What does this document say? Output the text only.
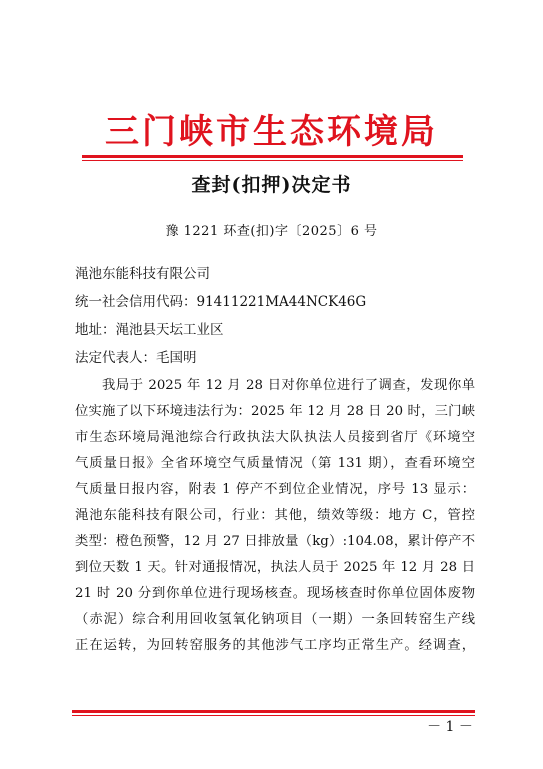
三门峡市生态环境局
查封(扣押)决定书
豫 1221 环查(扣)字〔2025〕6 号
渑池东能科技有限公司
统一社会信用代码：91411221MA44NCK46G
地址：渑池县天坛工业区
法定代表人：毛国明
我局于 2025 年 12 月 28 日对你单位进行了调查，发现你单
位实施了以下环境违法行为：2025 年 12 月 28 日 20 时，三门峡
市生态环境局渑池综合行政执法大队执法人员接到省厅《环境空
气质量日报》全省环境空气质量情况（第 131 期），查看环境空
气质量日报内容，附表 1 停产不到位企业情况，序号 13 显示：
渑池东能科技有限公司，行业：其他，绩效等级：地方 C，管控
类型：橙色预警，12 月 27 日排放量（kg）:104.08，累计停产不
到位天数 1 天。针对通报情况，执法人员于 2025 年 12 月 28 日
21 时 20 分到你单位进行现场核查。现场核查时你单位固体废物
（赤泥）综合利用回收氢氧化钠项目（一期）一条回转窑生产线
正在运转，为回转窑服务的其他涉气工序均正常生产。经调查，
－ 1 －
